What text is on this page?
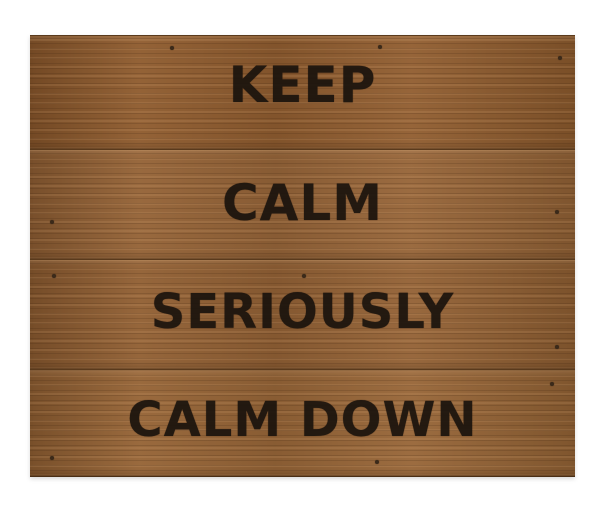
KEEP
CALM
SERIOUSLY
CALM DOWN
